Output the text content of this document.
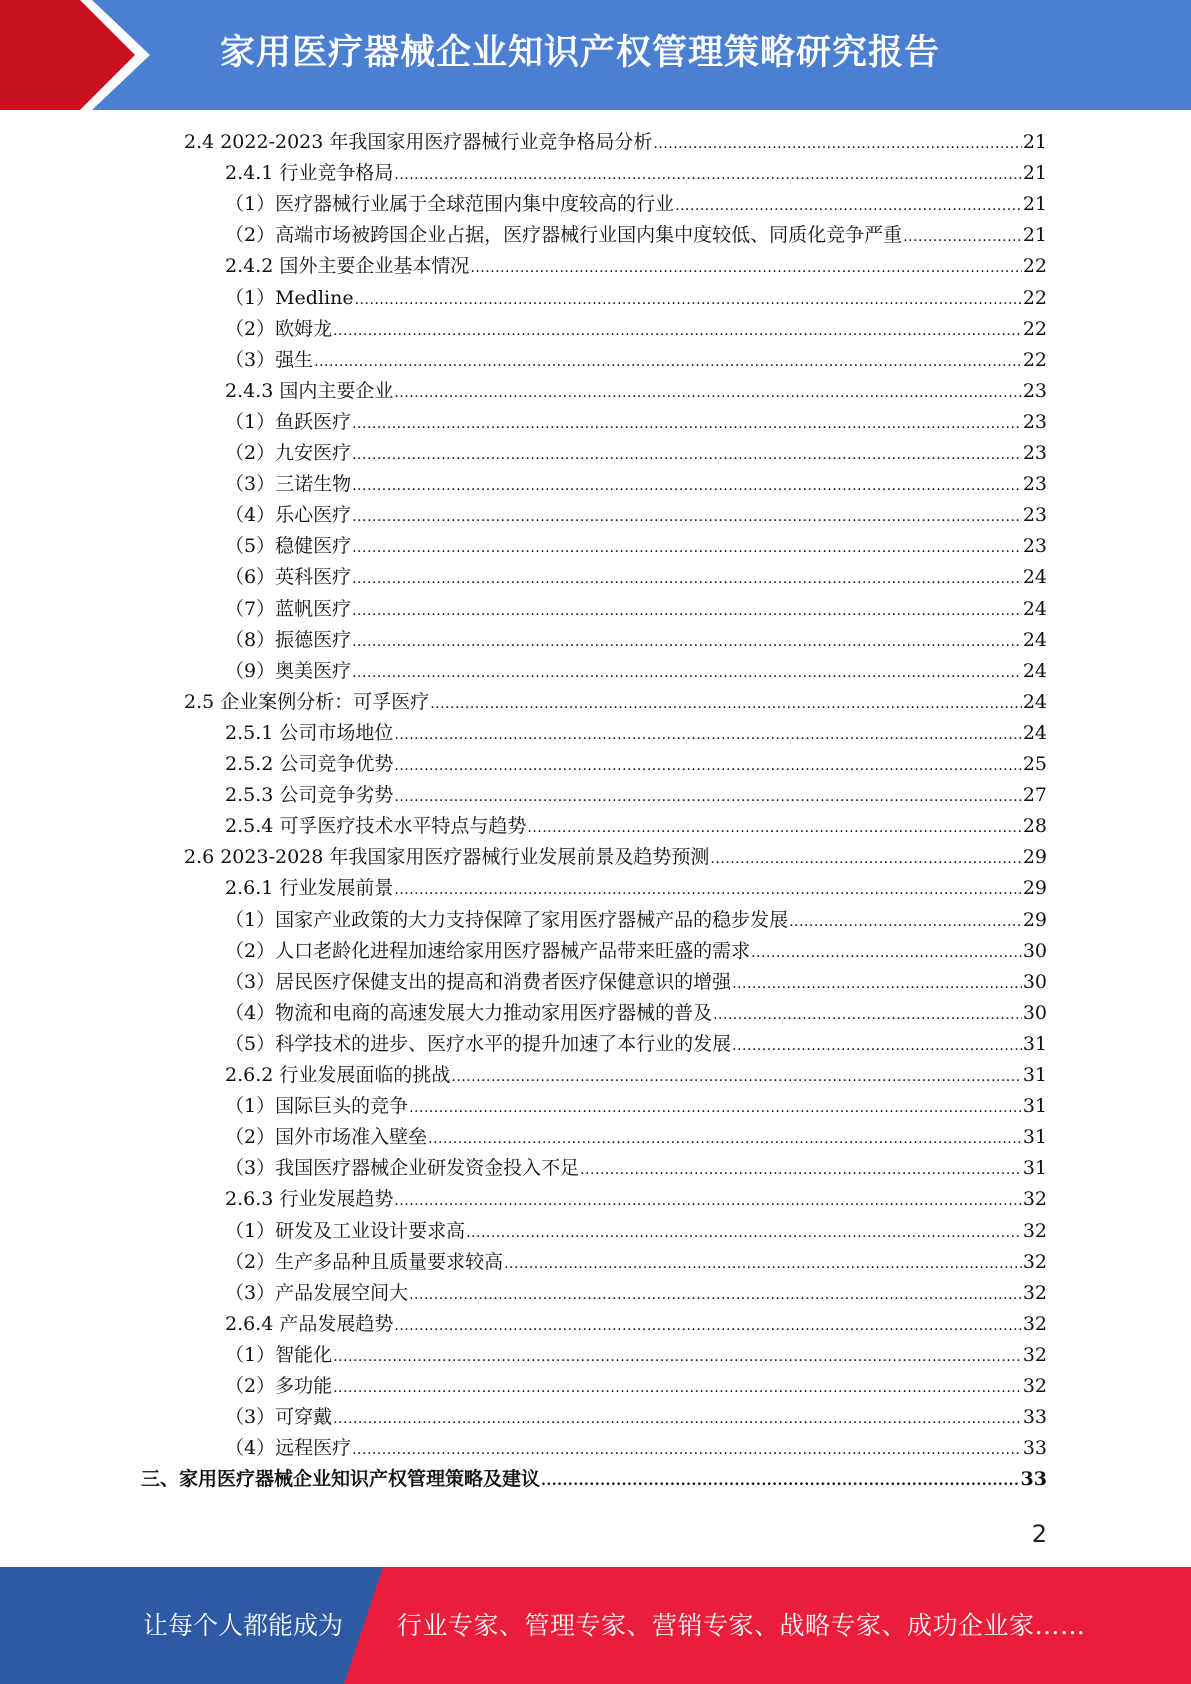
家用医疗器械企业知识产权管理策略研究报告
2.4 2022-2023 年我国家用医疗器械行业竞争格局分析 .....	21
2.4.1 行业竞争格局 .....	21
（1） 医疗器械行业属于全球范围内集中度较高的行业 .....	21
（2） 高端市场被跨国企业占据，医疗器械行业国内集中度较低、同质化竞争严重 .....	21
2.4.2 国外主要企业基本情况 .....	22
（1） Medline .....	22
（2） 欧姆龙 .....	22
（3） 强生 .....	22
2.4.3 国内主要企业 .....	23
（1） 鱼跃医疗 .....	23
（2） 九安医疗 .....	23
（3） 三诺生物 .....	23
（4） 乐心医疗 .....	23
（5） 稳健医疗 .....	23
（6） 英科医疗 .....	24
（7） 蓝帆医疗 .....	24
（8） 振德医疗 .....	24
（9） 奥美医疗 .....	24
2.5 企业案例分析：可孚医疗 .....	24
2.5.1 公司市场地位 .....	24
2.5.2 公司竞争优势 .....	25
2.5.3 公司竞争劣势 .....	27
2.5.4 可孚医疗技术水平特点与趋势 .....	28
2.6 2023-2028 年我国家用医疗器械行业发展前景及趋势预测 .....	29
2.6.1 行业发展前景 .....	29
（1） 国家产业政策的大力支持保障了家用医疗器械产品的稳步发展 .....	29
（2） 人口老龄化进程加速给家用医疗器械产品带来旺盛的需求 .....	30
（3） 居民医疗保健支出的提高和消费者医疗保健意识的增强 .....	30
（4） 物流和电商的高速发展大力推动家用医疗器械的普及 .....	30
（5） 科学技术的进步、医疗水平的提升加速了本行业的发展 .....	31
2.6.2 行业发展面临的挑战 .....	31
（1） 国际巨头的竞争 .....	31
（2） 国外市场准入壁垒 .....	31
（3） 我国医疗器械企业研发资金投入不足 .....	31
2.6.3 行业发展趋势 .....	32
（1） 研发及工业设计要求高 .....	32
（2） 生产多品种且质量要求较高 .....	32
（3） 产品发展空间大 .....	32
2.6.4 产品发展趋势 .....	32
（1） 智能化 .....	32
（2） 多功能 .....	32
（3） 可穿戴 .....	33
（4） 远程医疗 .....	33
三、 家用医疗器械企业知识产权管理策略及建议 .....	33
2
让每个人都能成为 行业专家、管理专家、营销专家、战略专家、成功企业家……
